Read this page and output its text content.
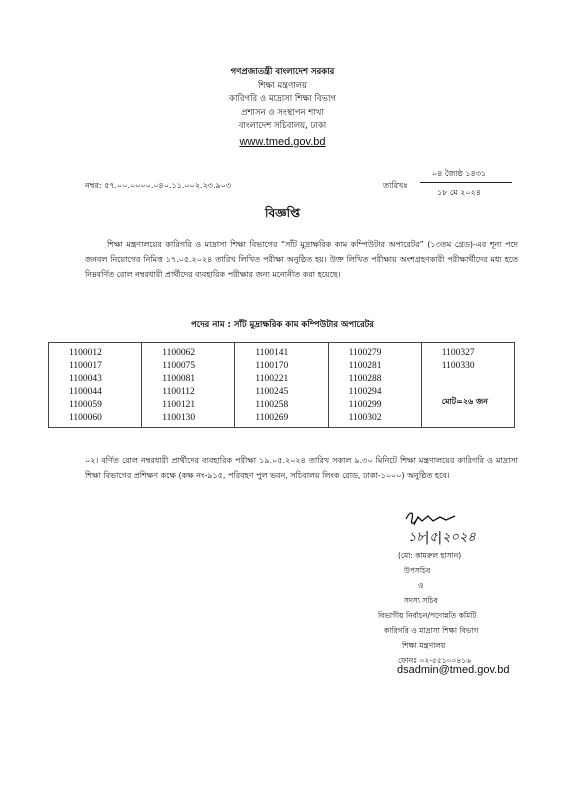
গণপ্রজাতন্ত্রী বাংলাদেশ সরকার
শিক্ষা মন্ত্রণালয়
কারিগরি ও মাদ্রাসা শিক্ষা বিভাগ
প্রশাসন ও সংস্থাপন শাখা
বাংলাদেশ সচিবালয়, ঢাকা
www.tmed.gov.bd
নম্বর: ৫৭.০০.০০০০.০৪০.১১.০০২.২৩.৯০৩	তারিখঃ
০৪ জ্যৈষ্ঠ ১৪৩১
১৮ মে ২০২৪
বিজ্ঞপ্তি
শিক্ষা মন্ত্রণালয়ের কারিগরি ও মাদ্রাসা শিক্ষা বিভাগের “সাঁট মুদ্রাক্ষরিক কাম কম্পিউটার অপারেটর” (১৩তম গ্রেড)-এর শূন্য পদে জনবল নিয়োগের নিমিত্ত ১৭.০৫.২০২৪ তারিখ লিখিত পরীক্ষা অনুষ্ঠিত হয়। উক্ত লিখিত পরীক্ষায় অংশগ্রহণকারী পরীক্ষার্থীদের মধ্য হতে নিম্নবর্ণিত রোল নম্বরধারী প্রার্থীদের ব্যবহারিক পরীক্ষার জন্য মনোনীত করা হয়েছে।
পদের নাম : সাঁট মুদ্রাক্ষরিক কাম কম্পিউটার অপারেটর
1100012
1100017
1100043
1100044
1100059
1100060

1100062
1100075
1100081
1100112
1100121
1100130

1100141
1100170
1100221
1100245
1100258
1100269

1100279
1100281
1100288
1100294
1100299
1100302

1100327
1100330
মোট=২৬ জন
০২। বর্ণিত রোল নম্বরধারী প্রার্থীদের ব্যবহারিক পরীক্ষা ১৯.০৫.২০২৪ তারিখ সকাল ৯.৩০ মিনিটে শিক্ষা মন্ত্রণালয়ের কারিগরি ও মাদ্রাসা শিক্ষা বিভাগের প্রশিক্ষণ কক্ষে (কক্ষ নং-৯১৫, পরিবহণ পুল ভবন, সচিবালয় লিংক রোড, ঢাকা-১০০০) অনুষ্ঠিত হবে।
১৮|৫|২০২৪
(মো: কামরুল হাসান)
উপসচিব
ও
সদস্য সচিব
বিভাগীয় নির্বাচন/পদোন্নতি কমিটি
কারিগরি ও মাদ্রাসা শিক্ষা বিভাগ
শিক্ষা মন্ত্রণালয়
ফোনঃ ০২-৫৫১০০৪১৬
dsadmin@tmed.gov.bd
